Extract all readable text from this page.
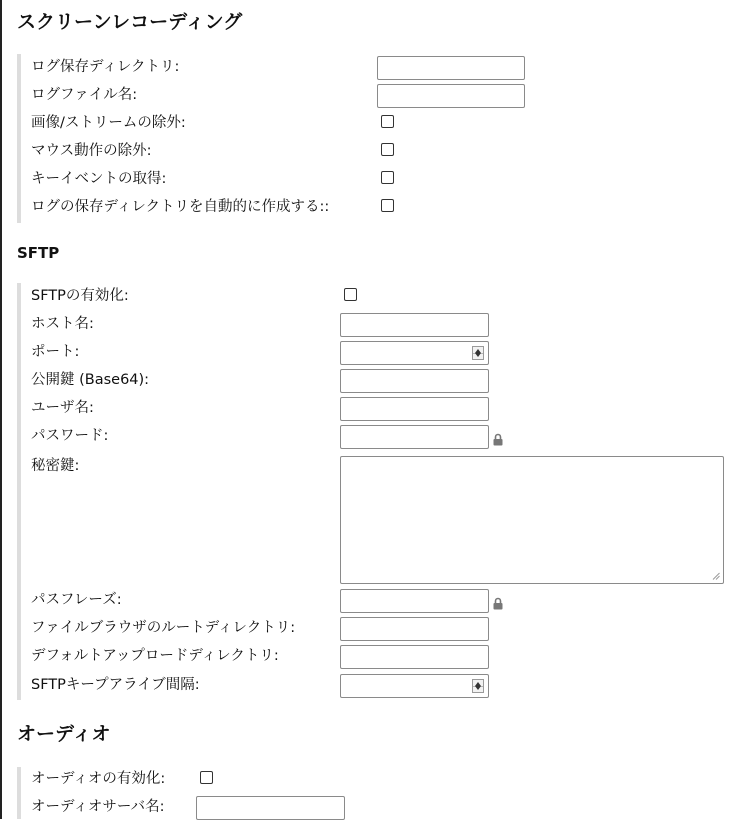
スクリーンレコーディング
ログ保存ディレクトリ:
ログファイル名:
画像/ストリームの除外:
マウス動作の除外:
キーイベントの取得:
ログの保存ディレクトリを自動的に作成する::
SFTP
SFTPの有効化:
ホスト名:
ポート:
公開鍵 (Base64):
ユーザ名:
パスワード:
秘密鍵:
パスフレーズ:
ファイルブラウザのルートディレクトリ:
デフォルトアップロードディレクトリ:
SFTPキープアライブ間隔:
オーディオ
オーディオの有効化:
オーディオサーバ名:
